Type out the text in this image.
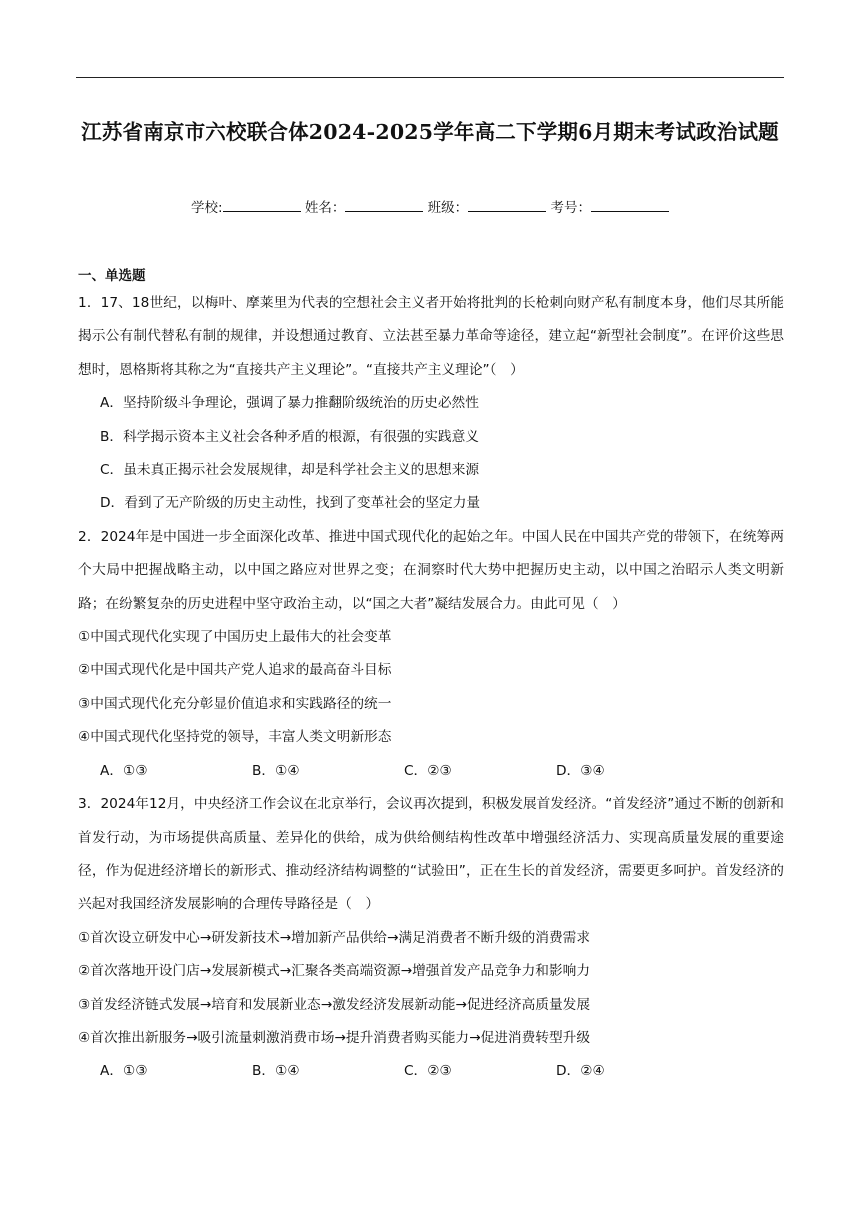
江苏省南京市六校联合体2024-2025学年高二下学期6月期末考试政治试题
学校:	姓名：	班级：	考号：
一、单选题

1．17、18世纪，以梅叶、摩莱里为代表的空想社会主义者开始将批判的长枪刺向财产私有制度本身，他们尽其所能揭示公有制代替私有制的规律，并设想通过教育、立法甚至暴力革命等途径，建立起“新型社会制度”。在评价这些思想时，恩格斯将其称之为“直接共产主义理论”。“直接共产主义理论”（　）

A．坚持阶级斗争理论，强调了暴力推翻阶级统治的历史必然性

B．科学揭示资本主义社会各种矛盾的根源，有很强的实践意义

C．虽未真正揭示社会发展规律，却是科学社会主义的思想来源

D．看到了无产阶级的历史主动性，找到了变革社会的坚定力量

2．2024年是中国进一步全面深化改革、推进中国式现代化的起始之年。中国人民在中国共产党的带领下，在统筹两个大局中把握战略主动，以中国之路应对世界之变；在洞察时代大势中把握历史主动，以中国之治昭示人类文明新路；在纷繁复杂的历史进程中坚守政治主动，以“国之大者”凝结发展合力。由此可见（　）

①中国式现代化实现了中国历史上最伟大的社会变革

②中国式现代化是中国共产党人追求的最高奋斗目标

③中国式现代化充分彰显价值追求和实践路径的统一

④中国式现代化坚持党的领导，丰富人类文明新形态

A．①③	B．①④	C．②③	D．③④

3．2024年12月，中央经济工作会议在北京举行，会议再次提到，积极发展首发经济。“首发经济”通过不断的创新和首发行动，为市场提供高质量、差异化的供给，成为供给侧结构性改革中增强经济活力、实现高质量发展的重要途径，作为促进经济增长的新形式、推动经济结构调整的“试验田”，正在生长的首发经济，需要更多呵护。首发经济的兴起对我国经济发展影响的合理传导路径是（　）

①首次设立研发中心→研发新技术→增加新产品供给→满足消费者不断升级的消费需求

②首次落地开设门店→发展新模式→汇聚各类高端资源→增强首发产品竞争力和影响力

③首发经济链式发展→培育和发展新业态→激发经济发展新动能→促进经济高质量发展

④首次推出新服务→吸引流量刺激消费市场→提升消费者购买能力→促进消费转型升级

A．①③	B．①④	C．②③	D．②④
